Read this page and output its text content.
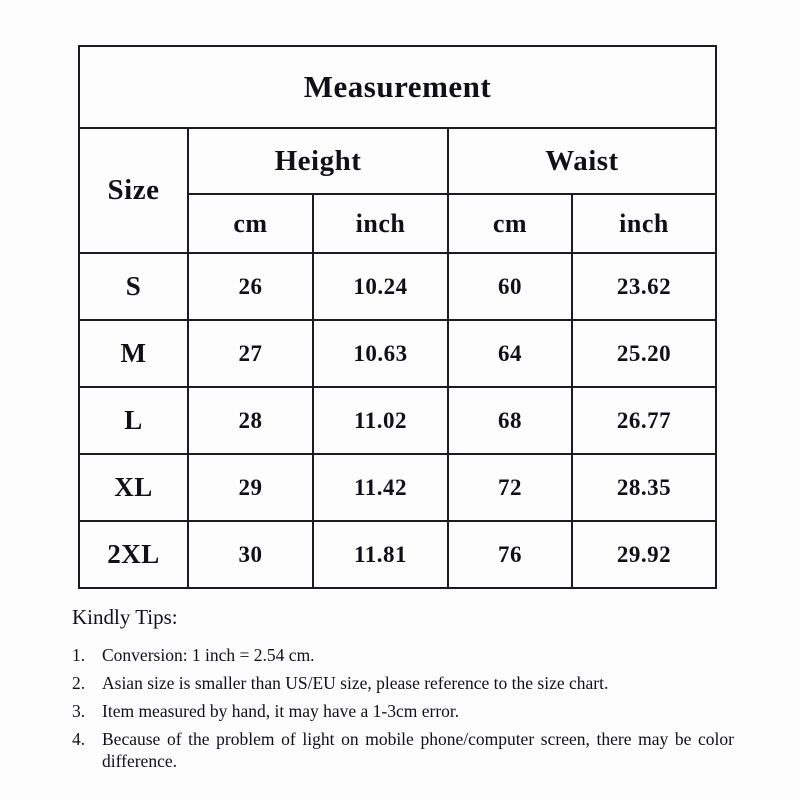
Measurement				
Size	Height		Waist	
	cm	inch	cm	inch
S	26	10.24	60	23.62
M	27	10.63	64	25.20
L	28	11.02	68	26.77
XL	29	11.42	72	28.35
2XL	30	11.81	76	29.92
Kindly Tips:
1. Conversion: 1 inch = 2.54 cm.
2. Asian size is smaller than US/EU size, please reference to the size chart.
3. Item measured by hand, it may have a 1-3cm error.
4. Because of the problem of light on mobile phone/computer screen, there may be color difference.
